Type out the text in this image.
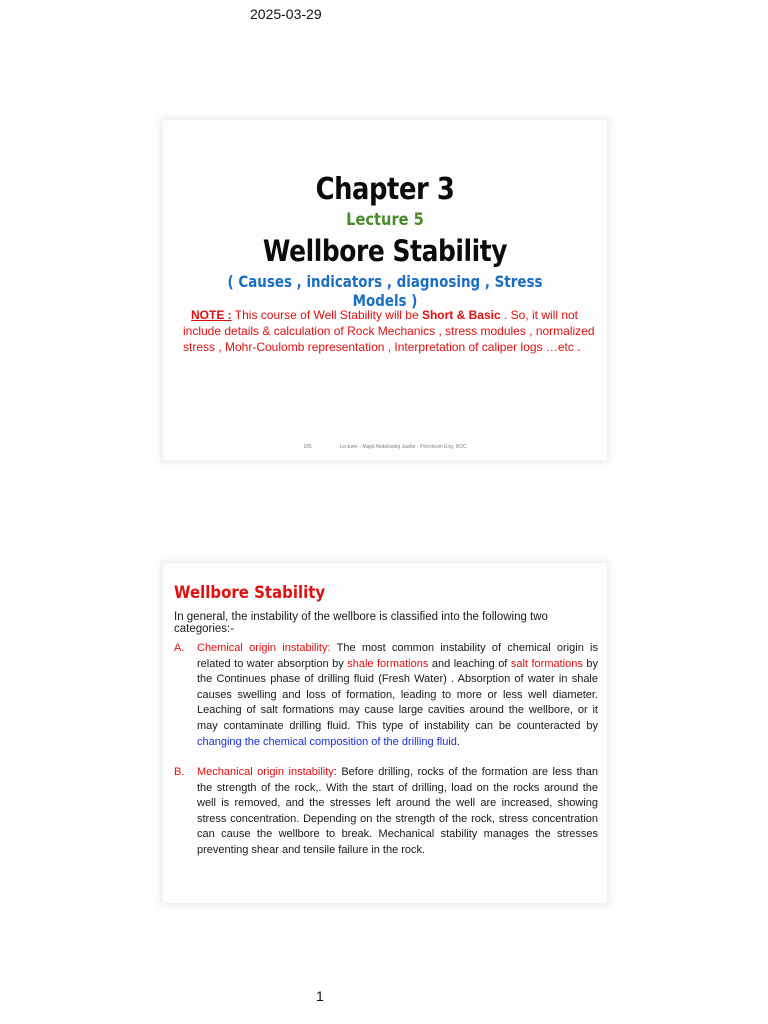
2025-03-29
Chapter 3
Lecture 5
Wellbore Stability
( Causes , indicators , diagnosing , Stress Models )
NOTE : This course of Well Stability will be Short & Basic . So, it will not include details & calculation of Rock Mechanics , stress modules , normalized stress , Mohr-Coulomb representation , Interpretation of caliper logs …etc .
185	Lecturer - Majid Abdulsadiq Jaafar - Petroleum Eng. BOC
Wellbore Stability
In general, the instability of the wellbore is classified into the following two categories:-
A. Chemical origin instability: The most common instability of chemical origin is related to water absorption by shale formations and leaching of salt formations by the Continues phase of drilling fluid (Fresh Water) . Absorption of water in shale causes swelling and loss of formation, leading to more or less well diameter. Leaching of salt formations may cause large cavities around the wellbore, or it may contaminate drilling fluid. This type of instability can be counteracted by changing the chemical composition of the drilling fluid.
B. Mechanical origin instability: Before drilling, rocks of the formation are less than the strength of the rock,. With the start of drilling, load on the rocks around the well is removed, and the stresses left around the well are increased, showing stress concentration. Depending on the strength of the rock, stress concentration can cause the wellbore to break. Mechanical stability manages the stresses preventing shear and tensile failure in the rock.
1
